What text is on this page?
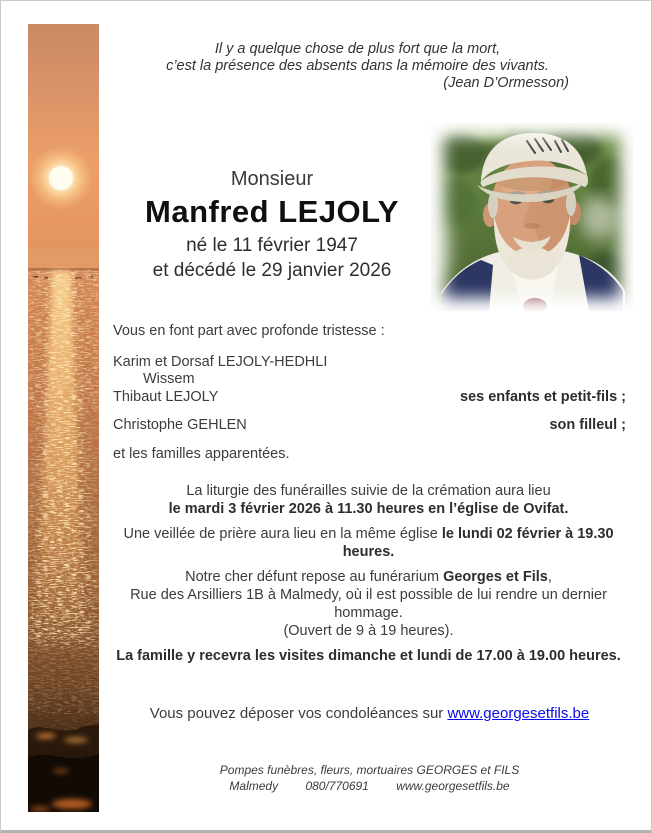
Il y a quelque chose de plus fort que la mort,
c’est la présence des absents dans la mémoire des vivants.
(Jean D’Ormesson)

Monsieur

Manfred LEJOLY

né le 11 février 1947

et décédé le 29 janvier 2026

Vous en font part avec profonde tristesse :

Karim et Dorsaf LEJOLY-HEDHLI

Wissem

Thibaut LEJOLY	ses enfants et petit-fils ;

Christophe GEHLEN	son filleul ;

et les familles apparentées.

La liturgie des funérailles suivie de la crémation aura lieu

le mardi 3 février 2026 à 11.30 heures en l’église de Ovifat.

Une veillée de prière aura lieu en la même église le lundi 02 février à 19.30 heures.

Notre cher défunt repose au funérarium Georges et Fils,

Rue des Arsilliers 1B à Malmedy, où il est possible de lui rendre un dernier hommage.

(Ouvert de 9 à 19 heures).

La famille y recevra les visites dimanche et lundi de 17.00 à 19.00 heures.

Vous pouvez déposer vos condoléances sur www.georgesetfils.be
Pompes funèbres, fleurs, mortuaires GEORGES et FILS
Malmedy 080/770691 www.georgesetfils.be
